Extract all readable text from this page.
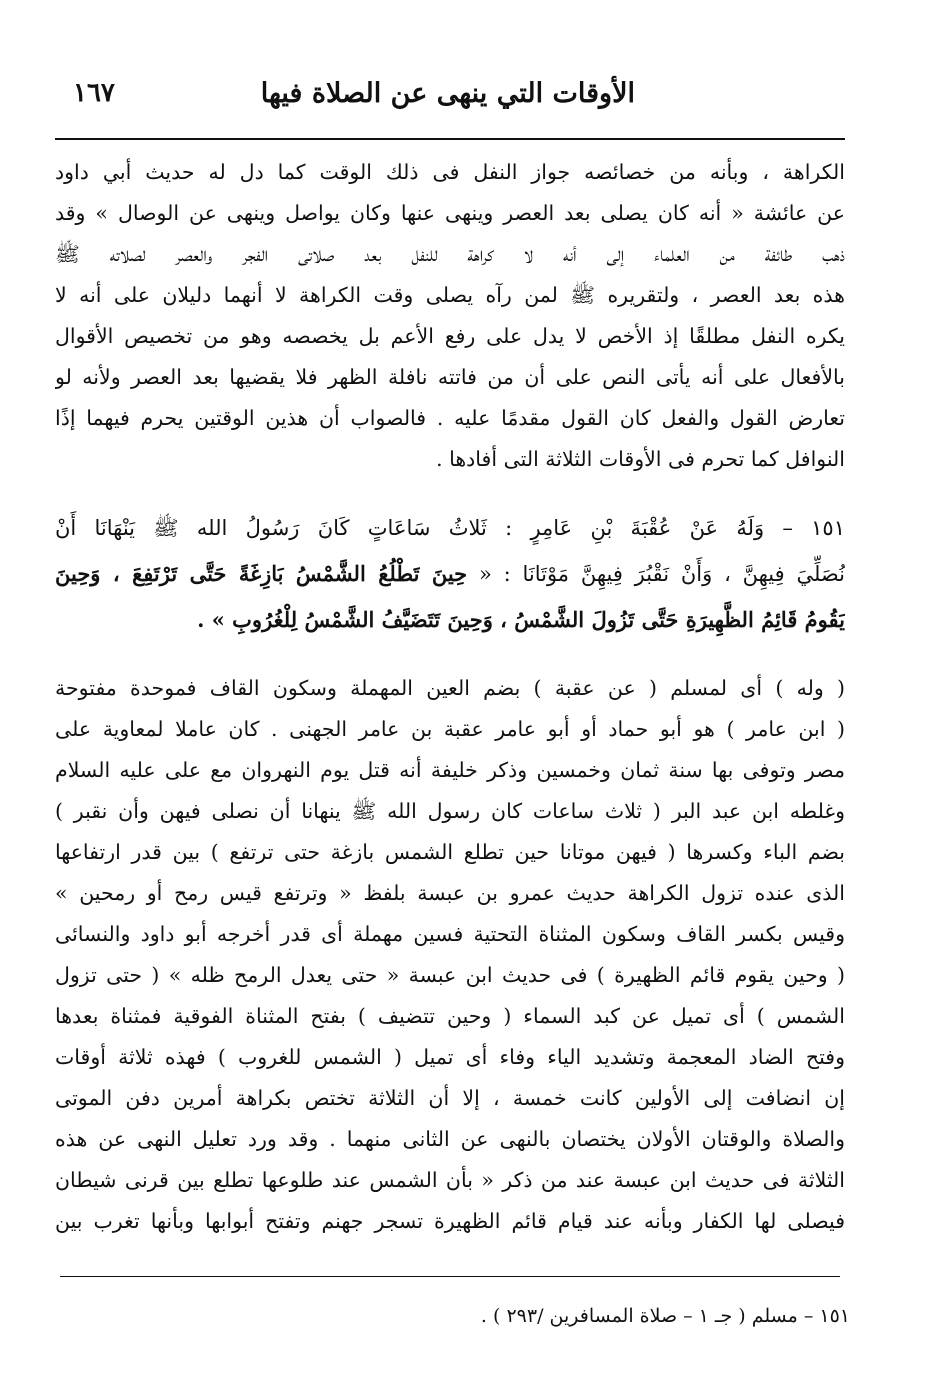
الأوقات التي ينهى عن الصلاة فيها
١٦٧
الكراهة ، وبأنه من خصائصه جواز النفل فى ذلك الوقت كما دل له حديث أبي داود
عن عائشة « أنه كان يصلى بعد العصر وينهى عنها وكان يواصل وينهى عن الوصال » وقد
ذهب طائفة من العلماء إلى أنه لا كراهة للنفل بعد صلاتى الفجر والعصر لصلاته ﷺ
هذه بعد العصر ، ولتقريره ﷺ لمن رآه يصلى وقت الكراهة لا أنهما دليلان على أنه لا
يكره النفل مطلقًا إذ الأخص لا يدل على رفع الأعم بل يخصصه وهو من تخصيص الأقوال
بالأفعال على أنه يأتى النص على أن من فاتته نافلة الظهر فلا يقضيها بعد العصر ولأنه لو
تعارض القول والفعل كان القول مقدمًا عليه . فالصواب أن هذين الوقتين يحرم فيهما إذًا
النوافل كما تحرم فى الأوقات الثلاثة التى أفادها .
١٥١ – وَلَهُ عَنْ عُقْبَةَ بْنِ عَامِرٍ : ثَلاثُ سَاعَاتٍ كَانَ رَسُولُ الله ﷺ يَنْهَانَا أَنْ
نُصَلِّيَ فِيهِنَّ ، وَأَنْ نَقْبُرَ فِيهِنَّ مَوْتَانَا : « حِينَ تَطْلُعُ الشَّمْسُ بَازِغَةً حَتَّى تَرْتَفِعَ ، وَحِينَ
يَقُومُ قَائِمُ الظَّهِيرَةِ حَتَّى تَزُولَ الشَّمْسُ ، وَحِينَ تَتَضَيَّفُ الشَّمْسُ لِلْغُرُوبِ » .
( وله ) أى لمسلم ( عن عقبة ) بضم العين المهملة وسكون القاف فموحدة مفتوحة
( ابن عامر ) هو أبو حماد أو أبو عامر عقبة بن عامر الجهنى . كان عاملا لمعاوية على
مصر وتوفى بها سنة ثمان وخمسين وذكر خليفة أنه قتل يوم النهروان مع على عليه السلام
وغلطه ابن عبد البر ( ثلاث ساعات كان رسول الله ﷺ ينهانا أن نصلى فيهن وأن نقبر )
بضم الباء وكسرها ( فيهن موتانا حين تطلع الشمس بازغة حتى ترتفع ) بين قدر ارتفاعها
الذى عنده تزول الكراهة حديث عمرو بن عبسة بلفظ « وترتفع قيس رمح أو رمحين »
وقيس بكسر القاف وسكون المثناة التحتية فسين مهملة أى قدر أخرجه أبو داود والنسائى
( وحين يقوم قائم الظهيرة ) فى حديث ابن عبسة « حتى يعدل الرمح ظله » ( حتى تزول
الشمس ) أى تميل عن كبد السماء ( وحين تتضيف ) بفتح المثناة الفوقية فمثناة بعدها
وفتح الضاد المعجمة وتشديد الياء وفاء أى تميل ( الشمس للغروب ) فهذه ثلاثة أوقات
إن انضافت إلى الأولين كانت خمسة ، إلا أن الثلاثة تختص بكراهة أمرين دفن الموتى
والصلاة والوقتان الأولان يختصان بالنهى عن الثانى منهما . وقد ورد تعليل النهى عن هذه
الثلاثة فى حديث ابن عبسة عند من ذكر « بأن الشمس عند طلوعها تطلع بين قرنى شيطان
فيصلى لها الكفار وبأنه عند قيام قائم الظهيرة تسجر جهنم وتفتح أبوابها وبأنها تغرب بين
١٥١ – مسلم ( جـ ١ – صلاة المسافرين /٢٩٣ ) .
